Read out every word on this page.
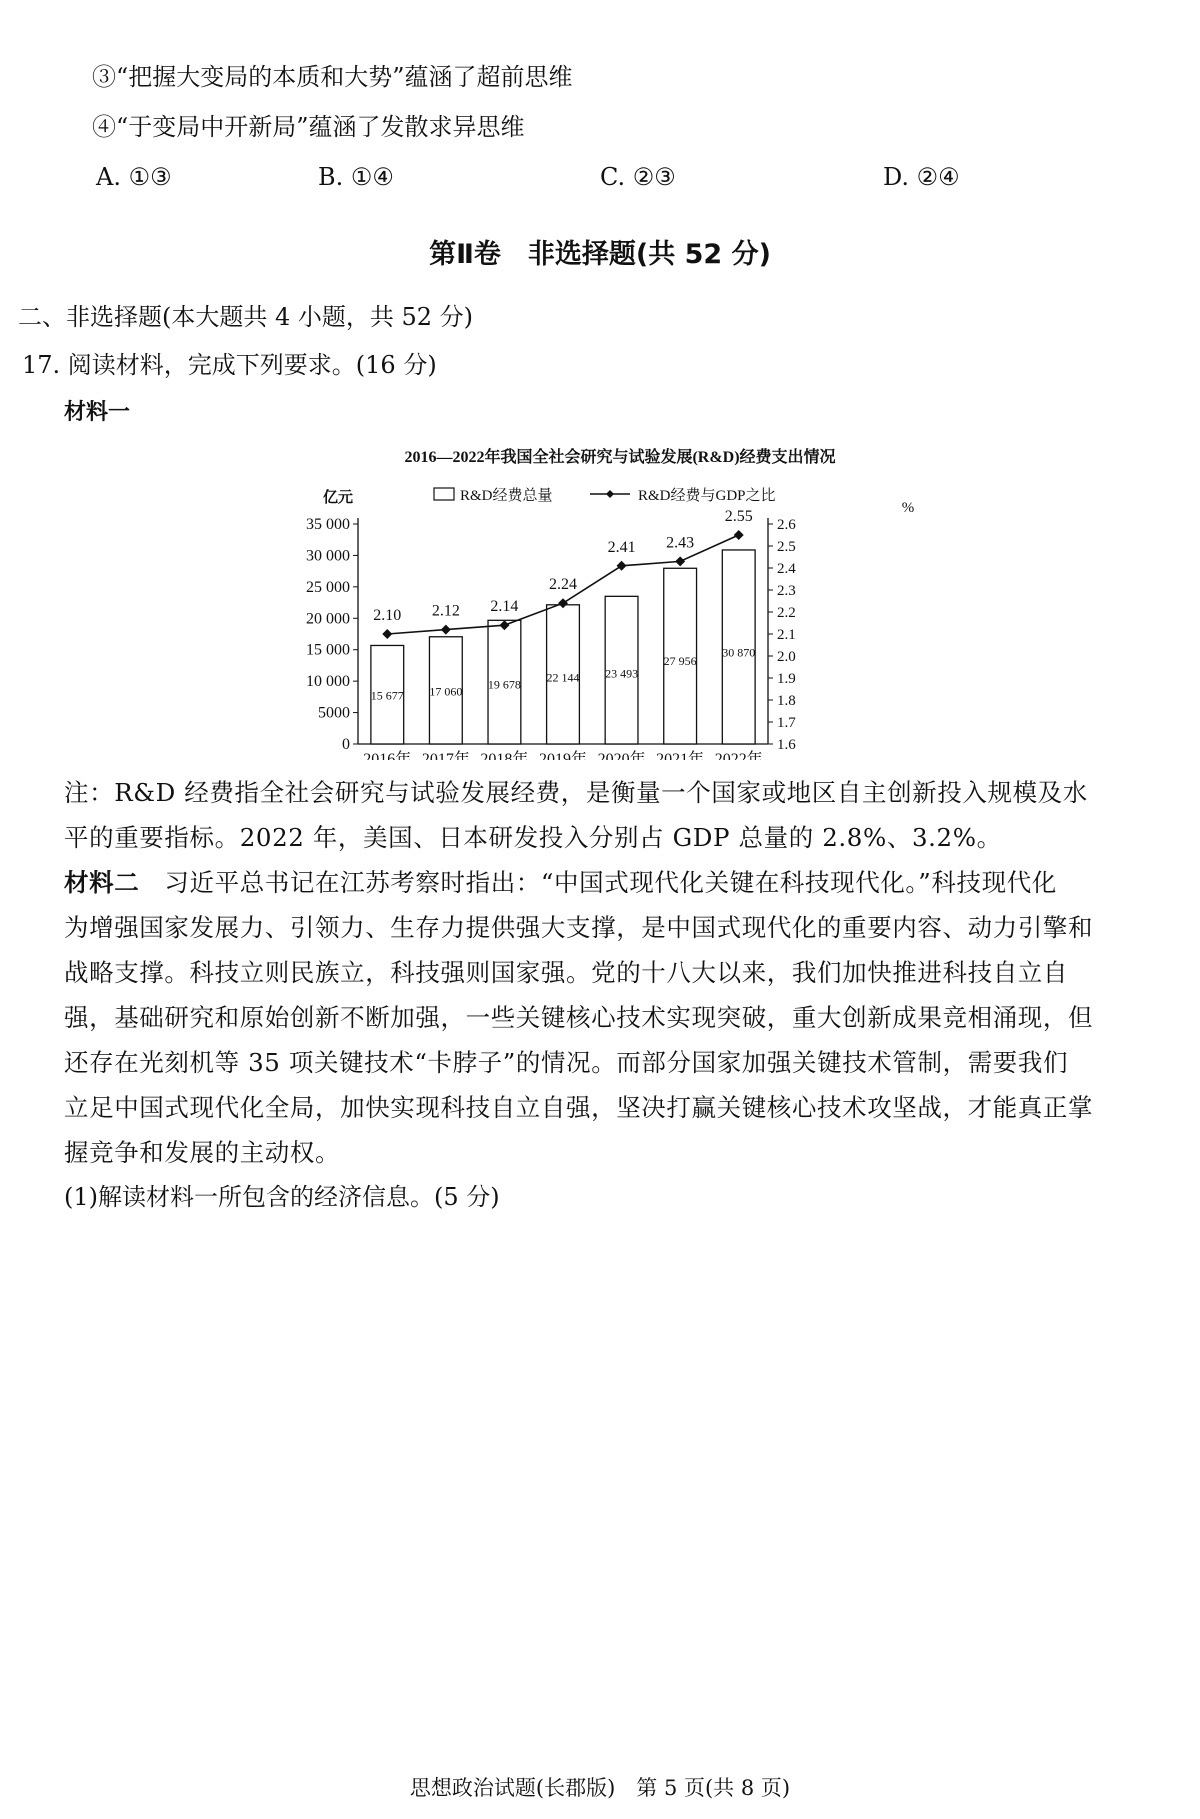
③“把握大变局的本质和大势”蕴涵了超前思维
④“于变局中开新局”蕴涵了发散求异思维
A. ①③	B. ①④	C. ②③	D. ②④
第Ⅱ卷　非选择题(共 52 分)
二、非选择题(本大题共 4 小题，共 52 分)
17. 阅读材料，完成下列要求。(16 分)
材料一
2016—2022年我国全社会研究与试验发展(R&D)经费支出情况
亿元
%
R&D经费总量	R&D经费与GDP之比
0
5000
10 000
15 000
20 000
25 000
30 000
35 000
1.6
1.7
1.8
1.9
2.0
2.1
2.2
2.3
2.4
2.5
2.6
15 677
2016年
17 060
2017年
19 678
2018年
22 144
2019年
23 493
2020年
27 956
2021年
30 870
2022年
2.10 2.12 2.14
2.24
2.41 2.43
2.55
注：R&D 经费指全社会研究与试验发展经费，是衡量一个国家或地区自主创新投入规模及水
平的重要指标。2022 年，美国、日本研发投入分别占 GDP 总量的 2.8%、3.2%。
材料二　习近平总书记在江苏考察时指出：“中国式现代化关键在科技现代化。”科技现代化
为增强国家发展力、引领力、生存力提供强大支撑，是中国式现代化的重要内容、动力引擎和
战略支撑。科技立则民族立，科技强则国家强。党的十八大以来，我们加快推进科技自立自
强，基础研究和原始创新不断加强，一些关键核心技术实现突破，重大创新成果竞相涌现，但
还存在光刻机等 35 项关键技术“卡脖子”的情况。而部分国家加强关键技术管制，需要我们
立足中国式现代化全局，加快实现科技自立自强，坚决打赢关键核心技术攻坚战，才能真正掌
握竞争和发展的主动权。
(1)解读材料一所包含的经济信息。(5 分)
思想政治试题(长郡版)　第 5 页(共 8 页)
